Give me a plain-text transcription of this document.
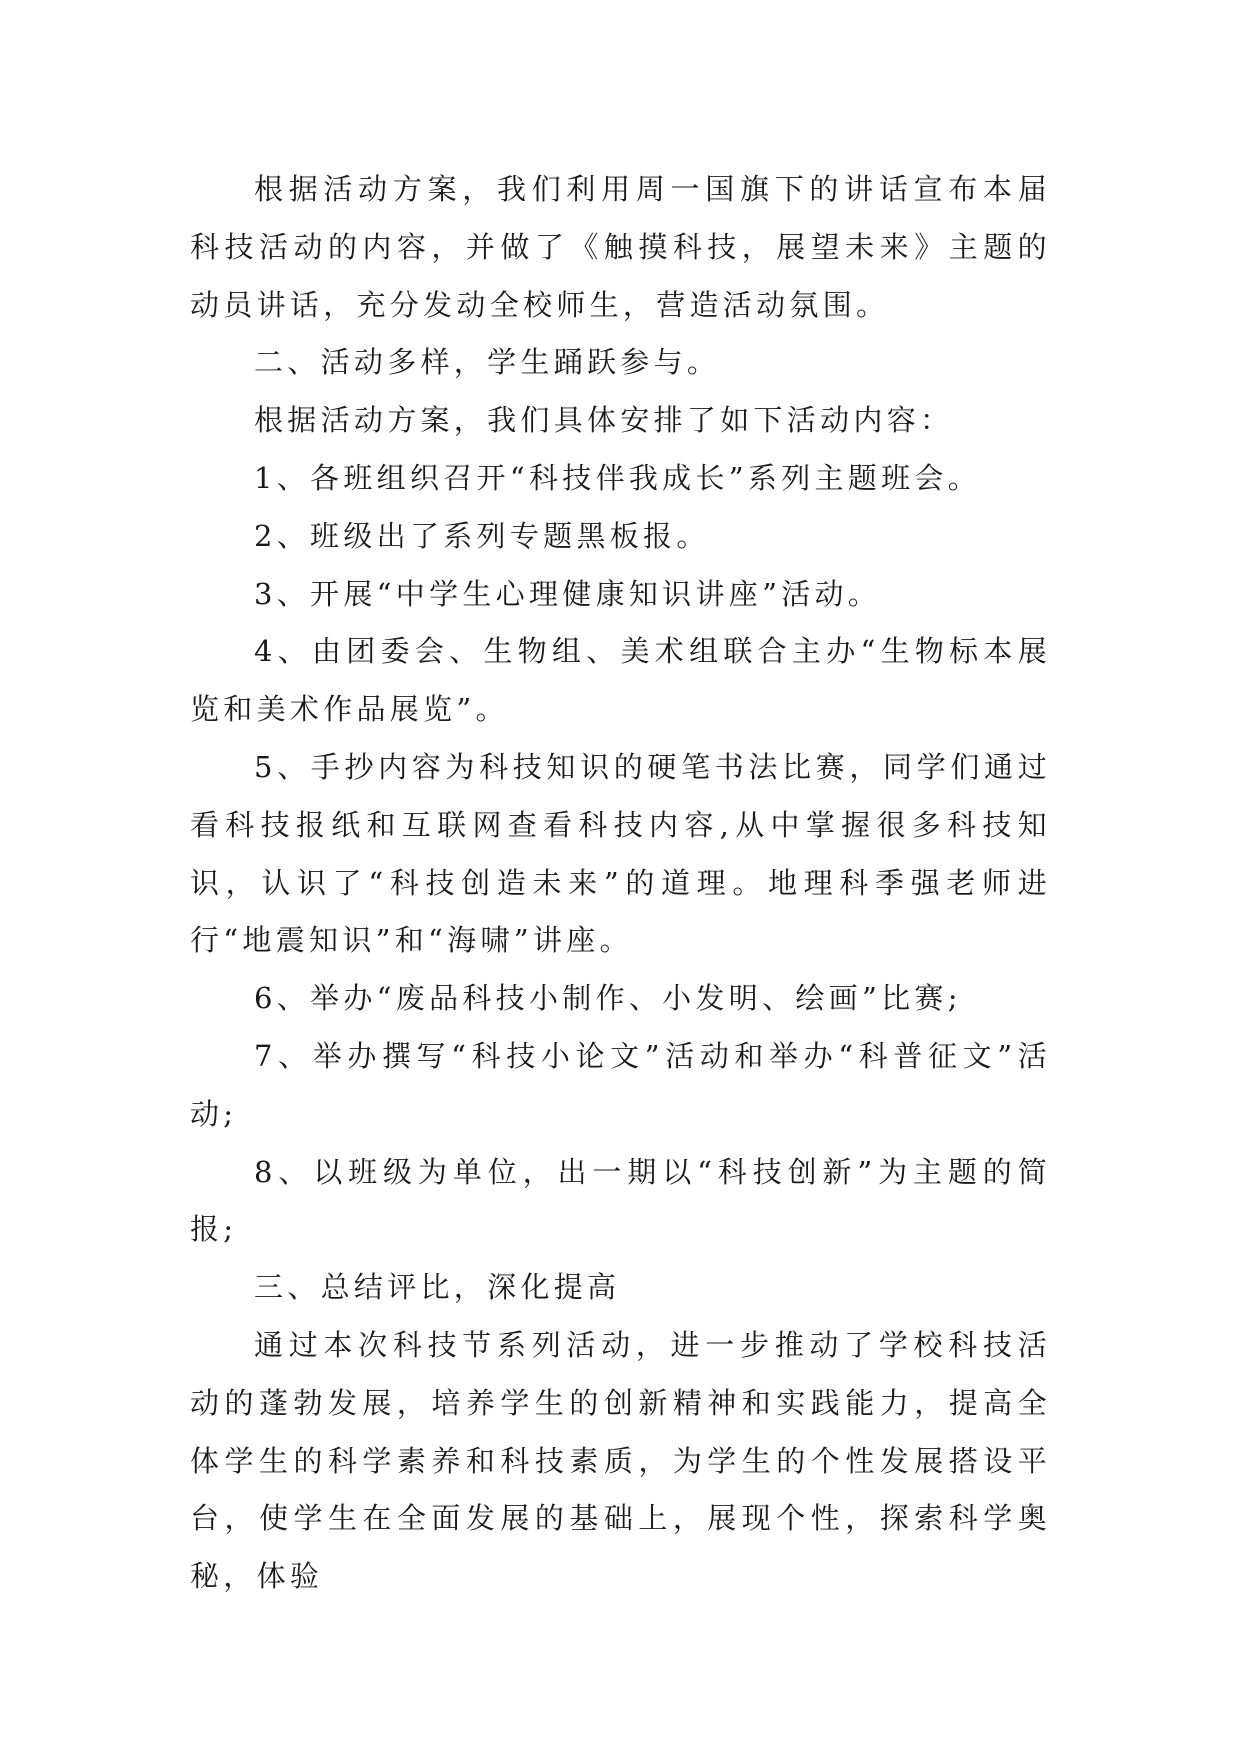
根据活动方案，我们利用周一国旗下的讲话宣布本届科技活动的内容，并做了《触摸科技，展望未来》主题的动员讲话，充分发动全校师生，营造活动氛围。

二、活动多样，学生踊跃参与。

根据活动方案，我们具体安排了如下活动内容：

1、各班组织召开“科技伴我成长”系列主题班会。

2、班级出了系列专题黑板报。

3、开展“中学生心理健康知识讲座”活动。

4、由团委会、生物组、美术组联合主办“生物标本展览和美术作品展览”。

5、手抄内容为科技知识的硬笔书法比赛，同学们通过看科技报纸和互联网查看科技内容,从中掌握很多科技知识，认识了“科技创造未来”的道理。地理科季强老师进行“地震知识”和“海啸”讲座。

6、举办“废品科技小制作、小发明、绘画”比赛;

7、举办撰写“科技小论文”活动和举办“科普征文”活动;

8、以班级为单位，出一期以“科技创新”为主题的简报;

三、总结评比，深化提高

通过本次科技节系列活动，进一步推动了学校科技活动的蓬勃发展，培养学生的创新精神和实践能力，提高全体学生的科学素养和科技素质，为学生的个性发展搭设平台，使学生在全面发展的基础上，展现个性，探索科学奥秘，体验
